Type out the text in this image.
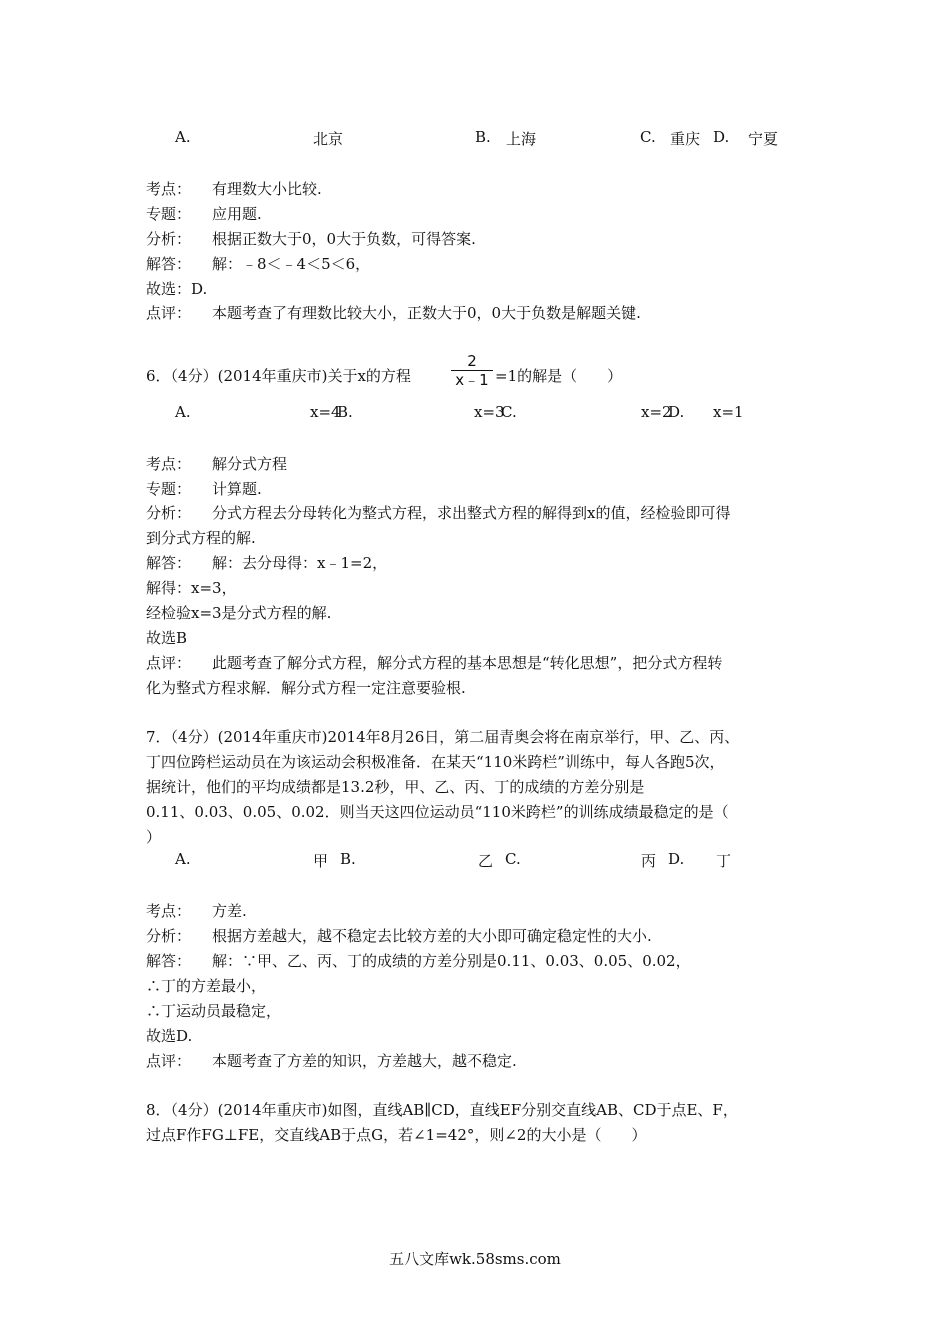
A.	北京	B. 上海	C. 重庆 D. 宁夏
考点： 有理数大小比较.
专题： 应用题.
分析： 根据正数大于0，0大于负数，可得答案.
解答： 解：﹣8＜﹣4＜5＜6，
故选：D.
点评： 本题考查了有理数比较大小，正数大于0，0大于负数是解题关键.
6．（4分）(2014年重庆市)关于x的方程
2
x﹣1 =1的解是（　　）
A.	x=4
B.	x=3
C.	x=2
D. x=1
考点： 解分式方程
专题： 计算题.
分析： 分式方程去分母转化为整式方程，求出整式方程的解得到x的值，经检验即可得
到分式方程的解.
解答： 解：去分母得：x﹣1=2，
解得：x=3，
经检验x=3是分式方程的解.
故选B
点评： 此题考查了解分式方程，解分式方程的基本思想是“转化思想”，把分式方程转
化为整式方程求解．解分式方程一定注意要验根.
7．（4分）(2014年重庆市)2014年8月26日，第二届青奥会将在南京举行，甲、乙、丙、
丁四位跨栏运动员在为该运动会积极准备．在某天“110米跨栏”训练中，每人各跑5次，
据统计，他们的平均成绩都是13.2秒，甲、乙、丙、丁的成绩的方差分别是
0.11、0.03、0.05、0.02．则当天这四位运动员“110米跨栏”的训练成绩最稳定的是（
）
A.	甲 B.	乙 C.	丙 D. 丁
考点： 方差.
分析： 根据方差越大，越不稳定去比较方差的大小即可确定稳定性的大小.
解答： 解：∵甲、乙、丙、丁的成绩的方差分别是0.11、0.03、0.05、0.02，
∴丁的方差最小，
∴丁运动员最稳定，
故选D.
点评： 本题考查了方差的知识，方差越大，越不稳定.
8．（4分）(2014年重庆市)如图，直线AB∥CD，直线EF分别交直线AB、CD于点E、F，
过点F作FG⊥FE，交直线AB于点G，若∠1=42°，则∠2的大小是（　　）
五八文库wk.58sms.com
